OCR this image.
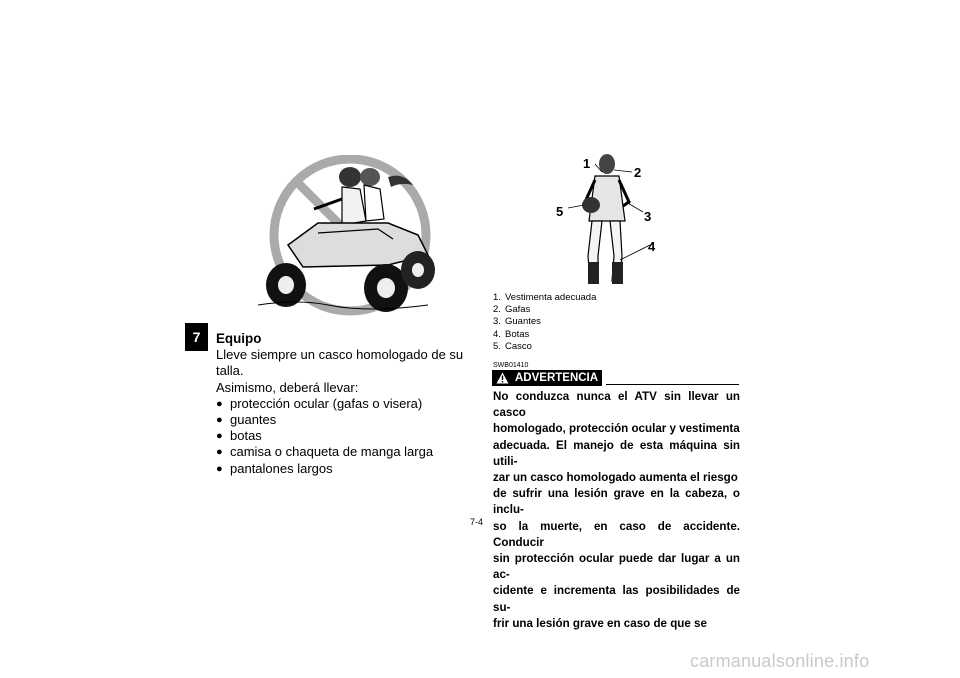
7	Equipo
Lleve siempre un casco homologado de su talla.
Asimismo, deberá llevar:
● protección ocular (gafas o visera)
● guantes
● botas
● camisa o chaqueta de manga larga
● pantalones largos
1
2
3
4
5
1. Vestimenta adecuada
2. Gafas
3. Guantes
4. Botas
5. Casco
SWB01410
ADVERTENCIA
No conduzca nunca el ATV sin llevar un casco
homologado, protección ocular y vestimenta
adecuada. El manejo de esta máquina sin utili-
zar un casco homologado aumenta el riesgo
de sufrir una lesión grave en la cabeza, o inclu-
so la muerte, en caso de accidente. Conducir
sin protección ocular puede dar lugar a un ac-
cidente e incrementa las posibilidades de su-
frir una lesión grave en caso de que se
7-4
carmanualsonline.info
